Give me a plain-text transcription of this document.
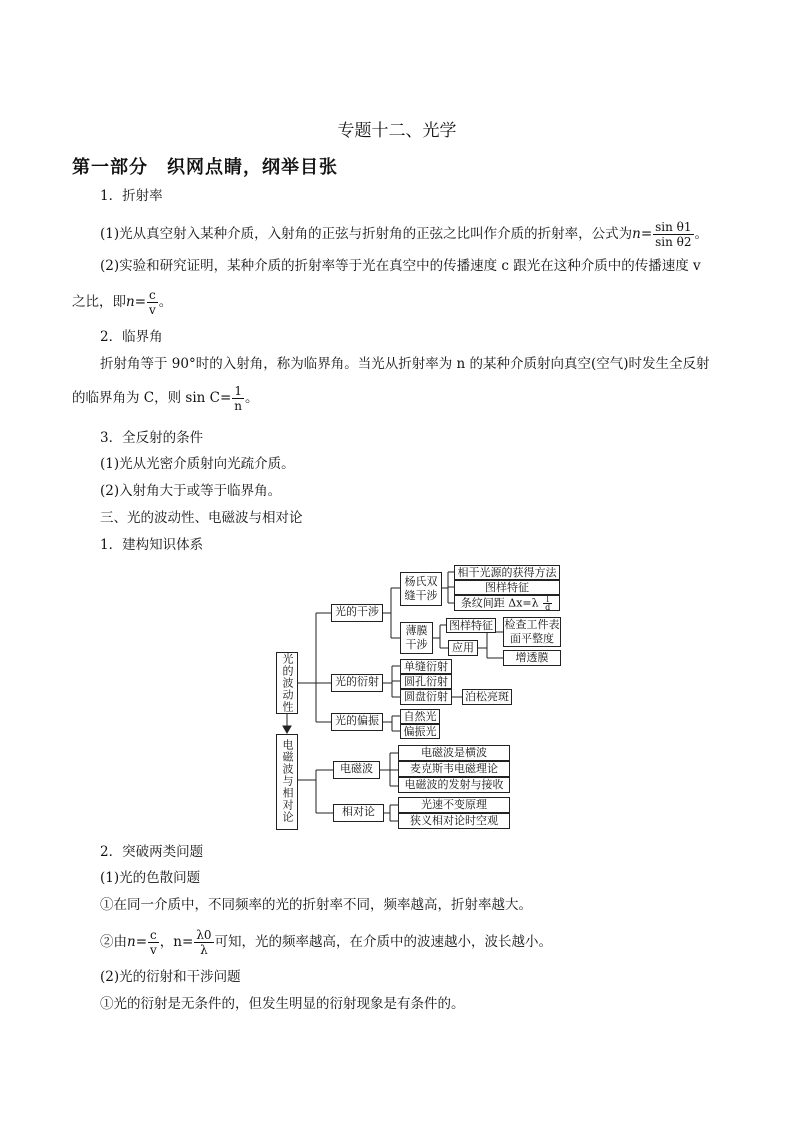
专题十二、光学
第一部分　织网点睛，纲举目张
1．折射率
(1)光从真空射入某种介质，入射角的正弦与折射角的正弦之比叫作介质的折射率，公式为$n= \frac{\text{sin θ1}}{\text{sin θ2}}$ 。
(2)实验和研究证明，某种介质的折射率等于光在真空中的传播速度 c 跟光在这种介质中的传播速度 v
之比，即$n= \frac{c}{v}$ 。
2．临界角
折射角等于 90°时的入射角，称为临界角。当光从折射率为 n 的某种介质射向真空(空气)时发生全反射
的临界角为 C，则 $\sin C= \frac{1}{n}$ 。
3．全反射的条件
(1)光从光密介质射向光疏介质。
(2)入射角大于或等于临界角。
三、光的波动性、电磁波与相对论
1．建构知识体系
光的波动性
电磁波与相对论
光的干涉
杨氏双缝干涉
相干光源的获得方法
图样特征
条纹间距 $\Delta x=\lambda \frac{l}{d}$
薄膜干涉
图样特征
应用
检查工件表面平整度
增透膜
光的衍射
单缝衍射
圆孔衍射
圆盘衍射	泊松亮斑
光的偏振	自然光
偏振光
电磁波
电磁波是横波
麦克斯韦电磁理论
电磁波的发射与接收
相对论
光速不变原理
狭义相对论时空观
2．突破两类问题
(1)光的色散问题
①在同一介质中，不同频率的光的折射率不同，频率越高，折射率越大。
②由$n= \frac{c}{v}$ ，$n= \frac{\lambda 0}{\lambda}$ 可知，光的频率越高，在介质中的波速越小，波长越小。
(2)光的衍射和干涉问题
①光的衍射是无条件的，但发生明显的衍射现象是有条件的。
